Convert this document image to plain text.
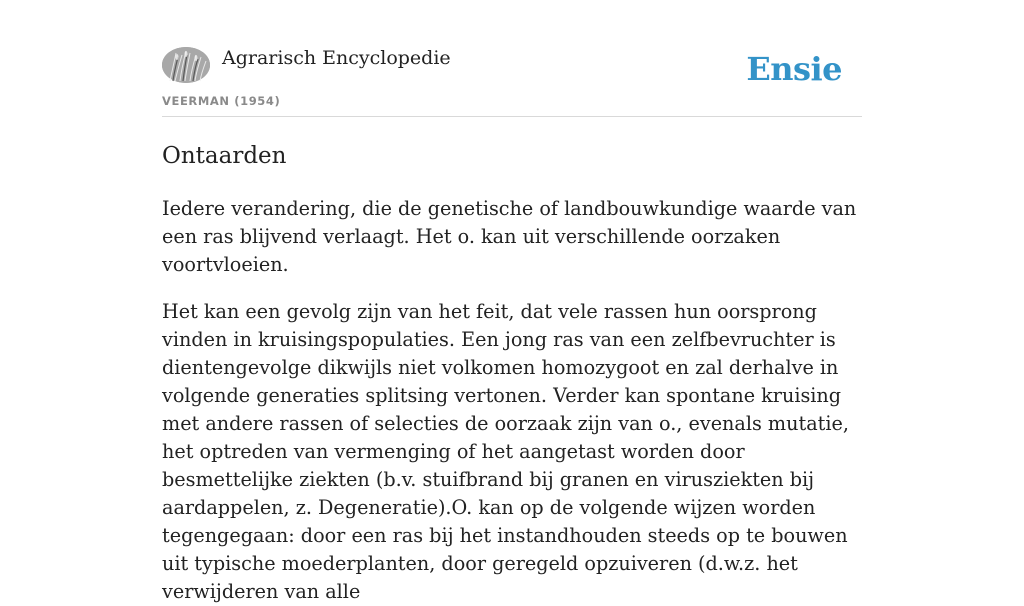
Agrarisch Encyclopedie
VEERMAN (1954)
Ensie
Ontaarden

Iedere verandering, die de genetische of landbouwkundige waarde van een ras blijvend verlaagt. Het o. kan uit verschillende oorzaken voortvloeien.

Het kan een gevolg zijn van het feit, dat vele rassen hun oorsprong vinden in kruisingspopulaties. Een jong ras van een zelfbevruchter is dientengevolge dikwijls niet volkomen homozygoot en zal derhalve in volgende generaties splitsing vertonen. Verder kan spontane kruising met andere rassen of selecties de oorzaak zijn van o., evenals mutatie, het optreden van vermenging of het aangetast worden door besmettelijke ziekten (b.v. stuifbrand bij granen en virusziekten bij aardappelen, z. Degeneratie).O. kan op de volgende wijzen worden tegengegaan: door een ras bij het instandhouden steeds op te bouwen uit typische moederplanten, door geregeld opzuiveren (d.w.z. het verwijderen van alle
